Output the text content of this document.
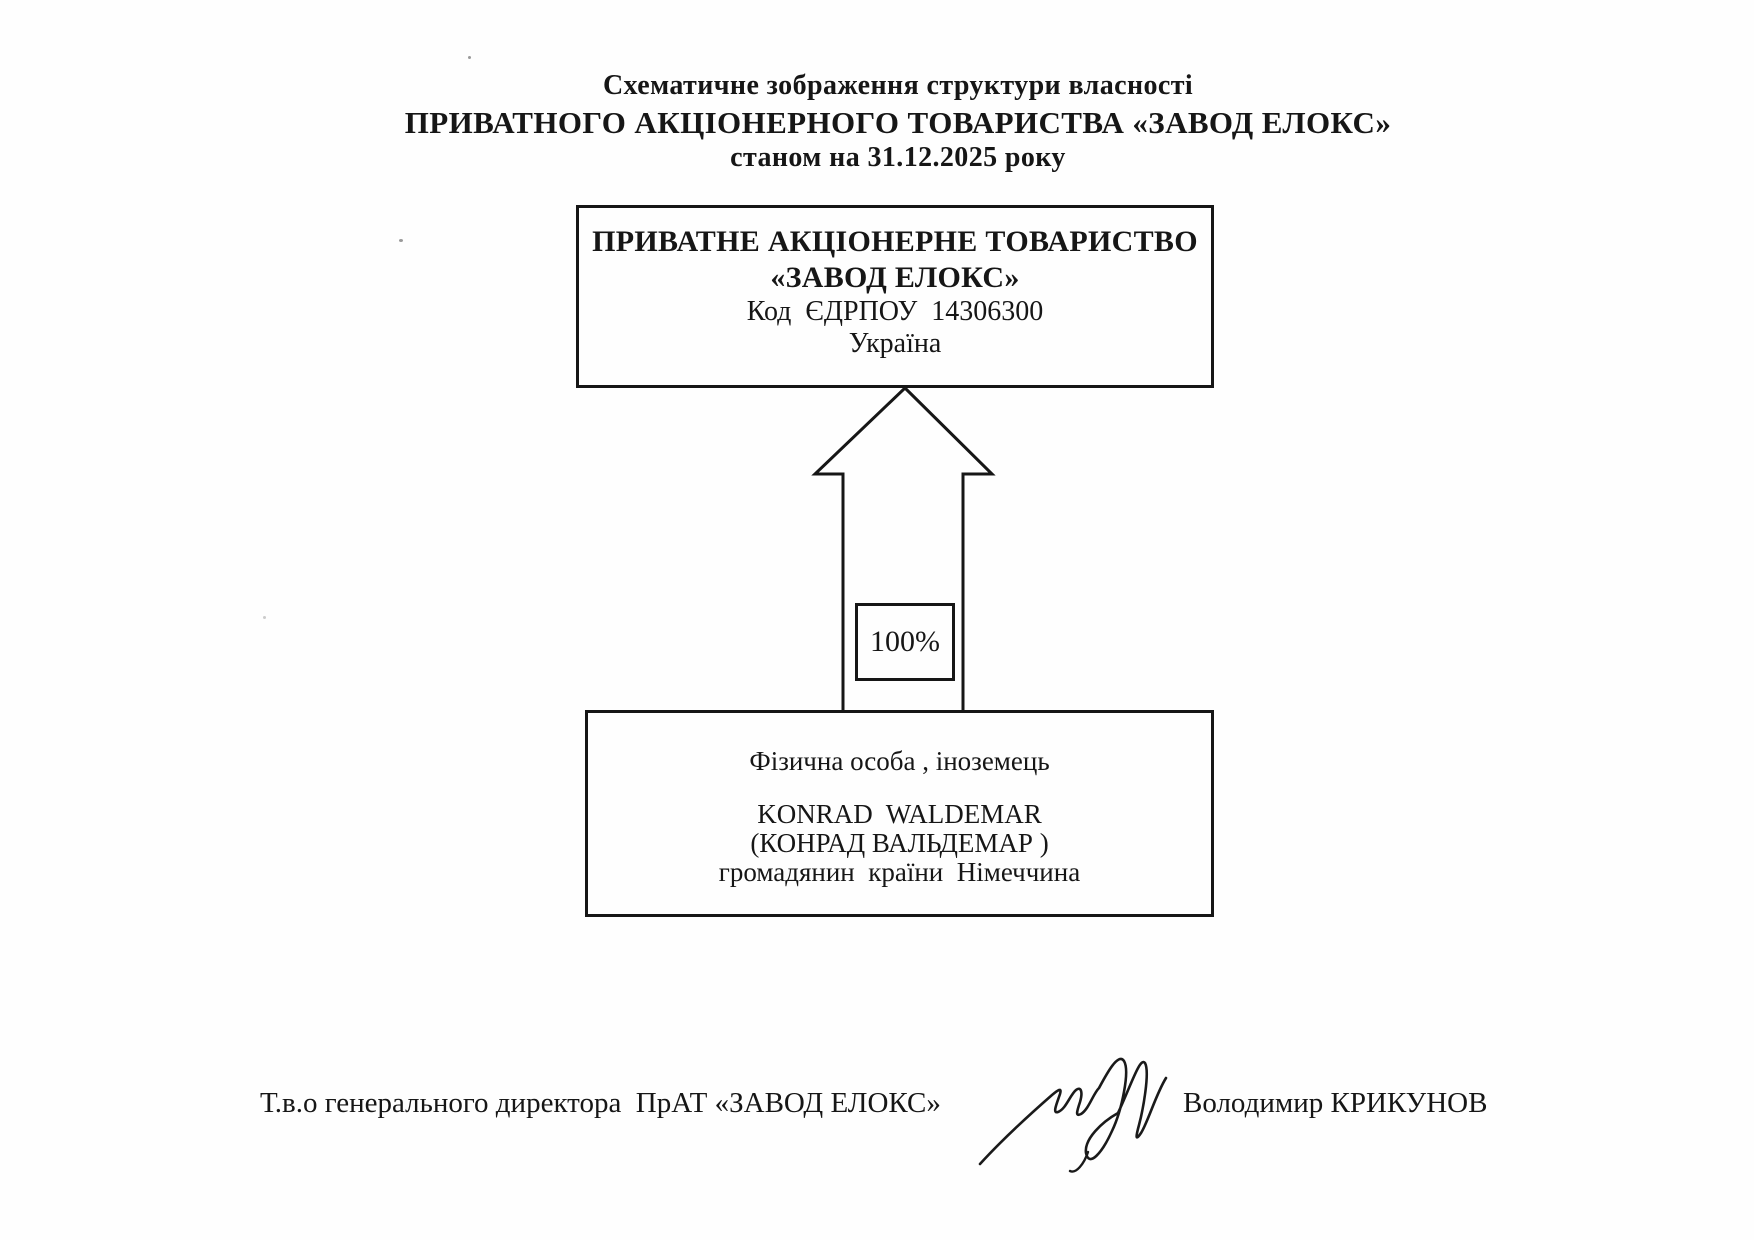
Схематичне зображення структури власності
ПРИВАТНОГО АКЦІОНЕРНОГО ТОВАРИСТВА «ЗАВОД ЕЛОКС»
станом на 31.12.2025 року
ПРИВАТНЕ АКЦІОНЕРНЕ ТОВАРИСТВО
«ЗАВОД ЕЛОКС»
Код  ЄДРПОУ  14306300
Україна
100%
Фізична особа , іноземець
KONRAD  WALDEMAR
(КОНРАД ВАЛЬДЕМАР )
громадянин  країни  Німеччина
Т.в.о генерального директора  ПрАТ «ЗАВОД ЕЛОКС»	Володимир КРИКУНОВ
